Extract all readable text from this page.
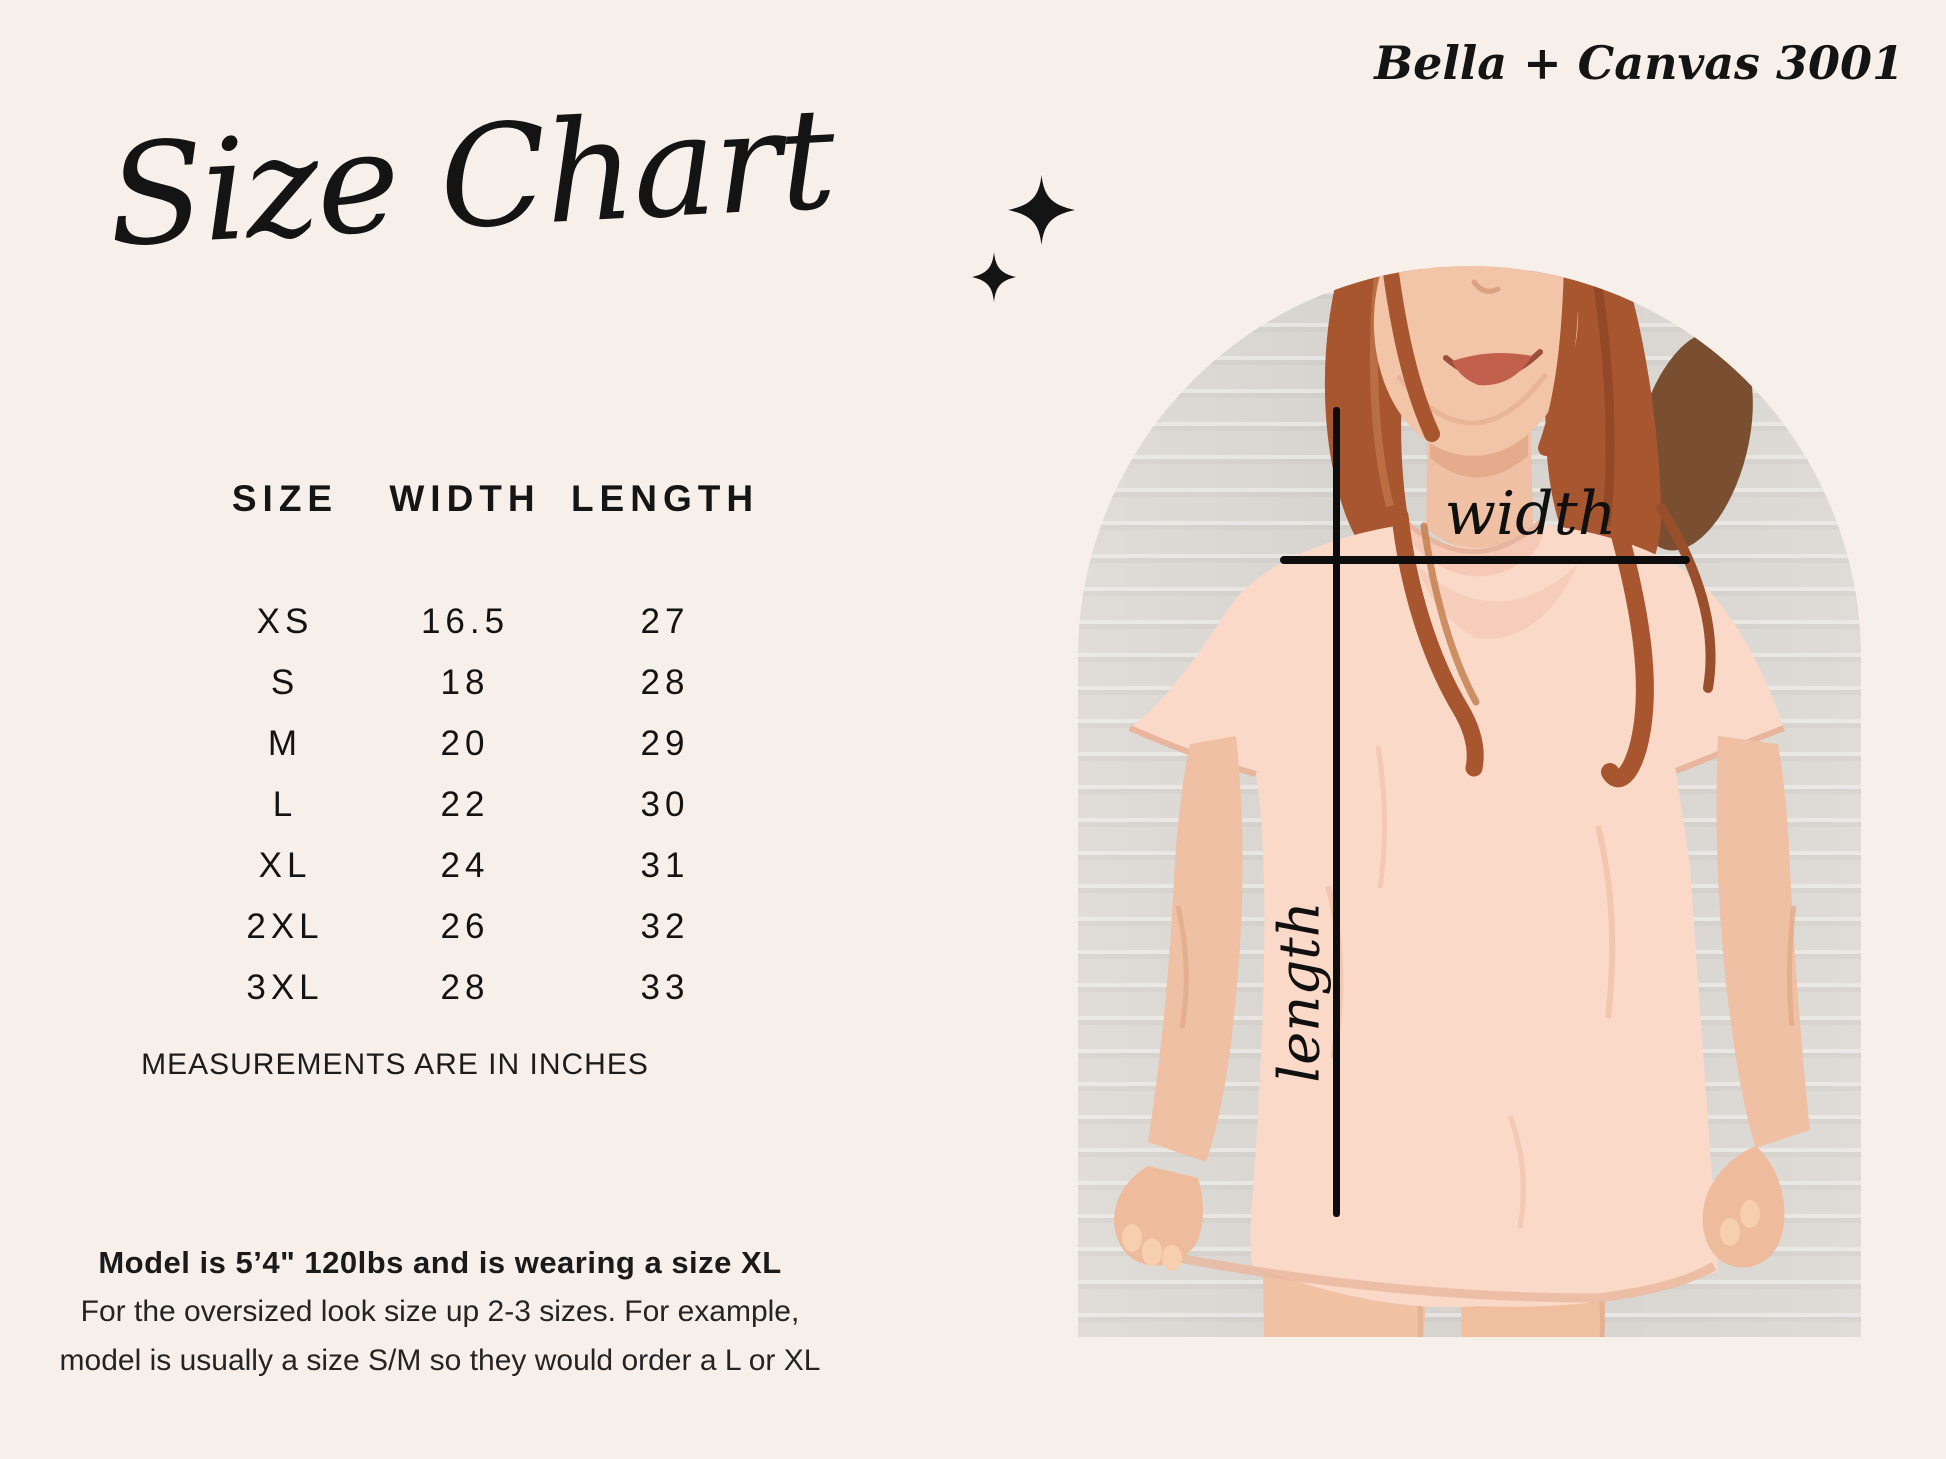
Size Chart
Bella + Canvas 3001
SIZE	WIDTH LENGTH
XS	16.5	27
S	18	28
M	20	29
L	22	30
XL	24	31
2XL	26	32
3XL	28	33
MEASUREMENTS ARE IN INCHES
Model is 5’4" 120lbs and is wearing a size XL
For the oversized look size up 2-3 sizes. For example,
model is usually a size S/M so they would order a L or XL
width
length
